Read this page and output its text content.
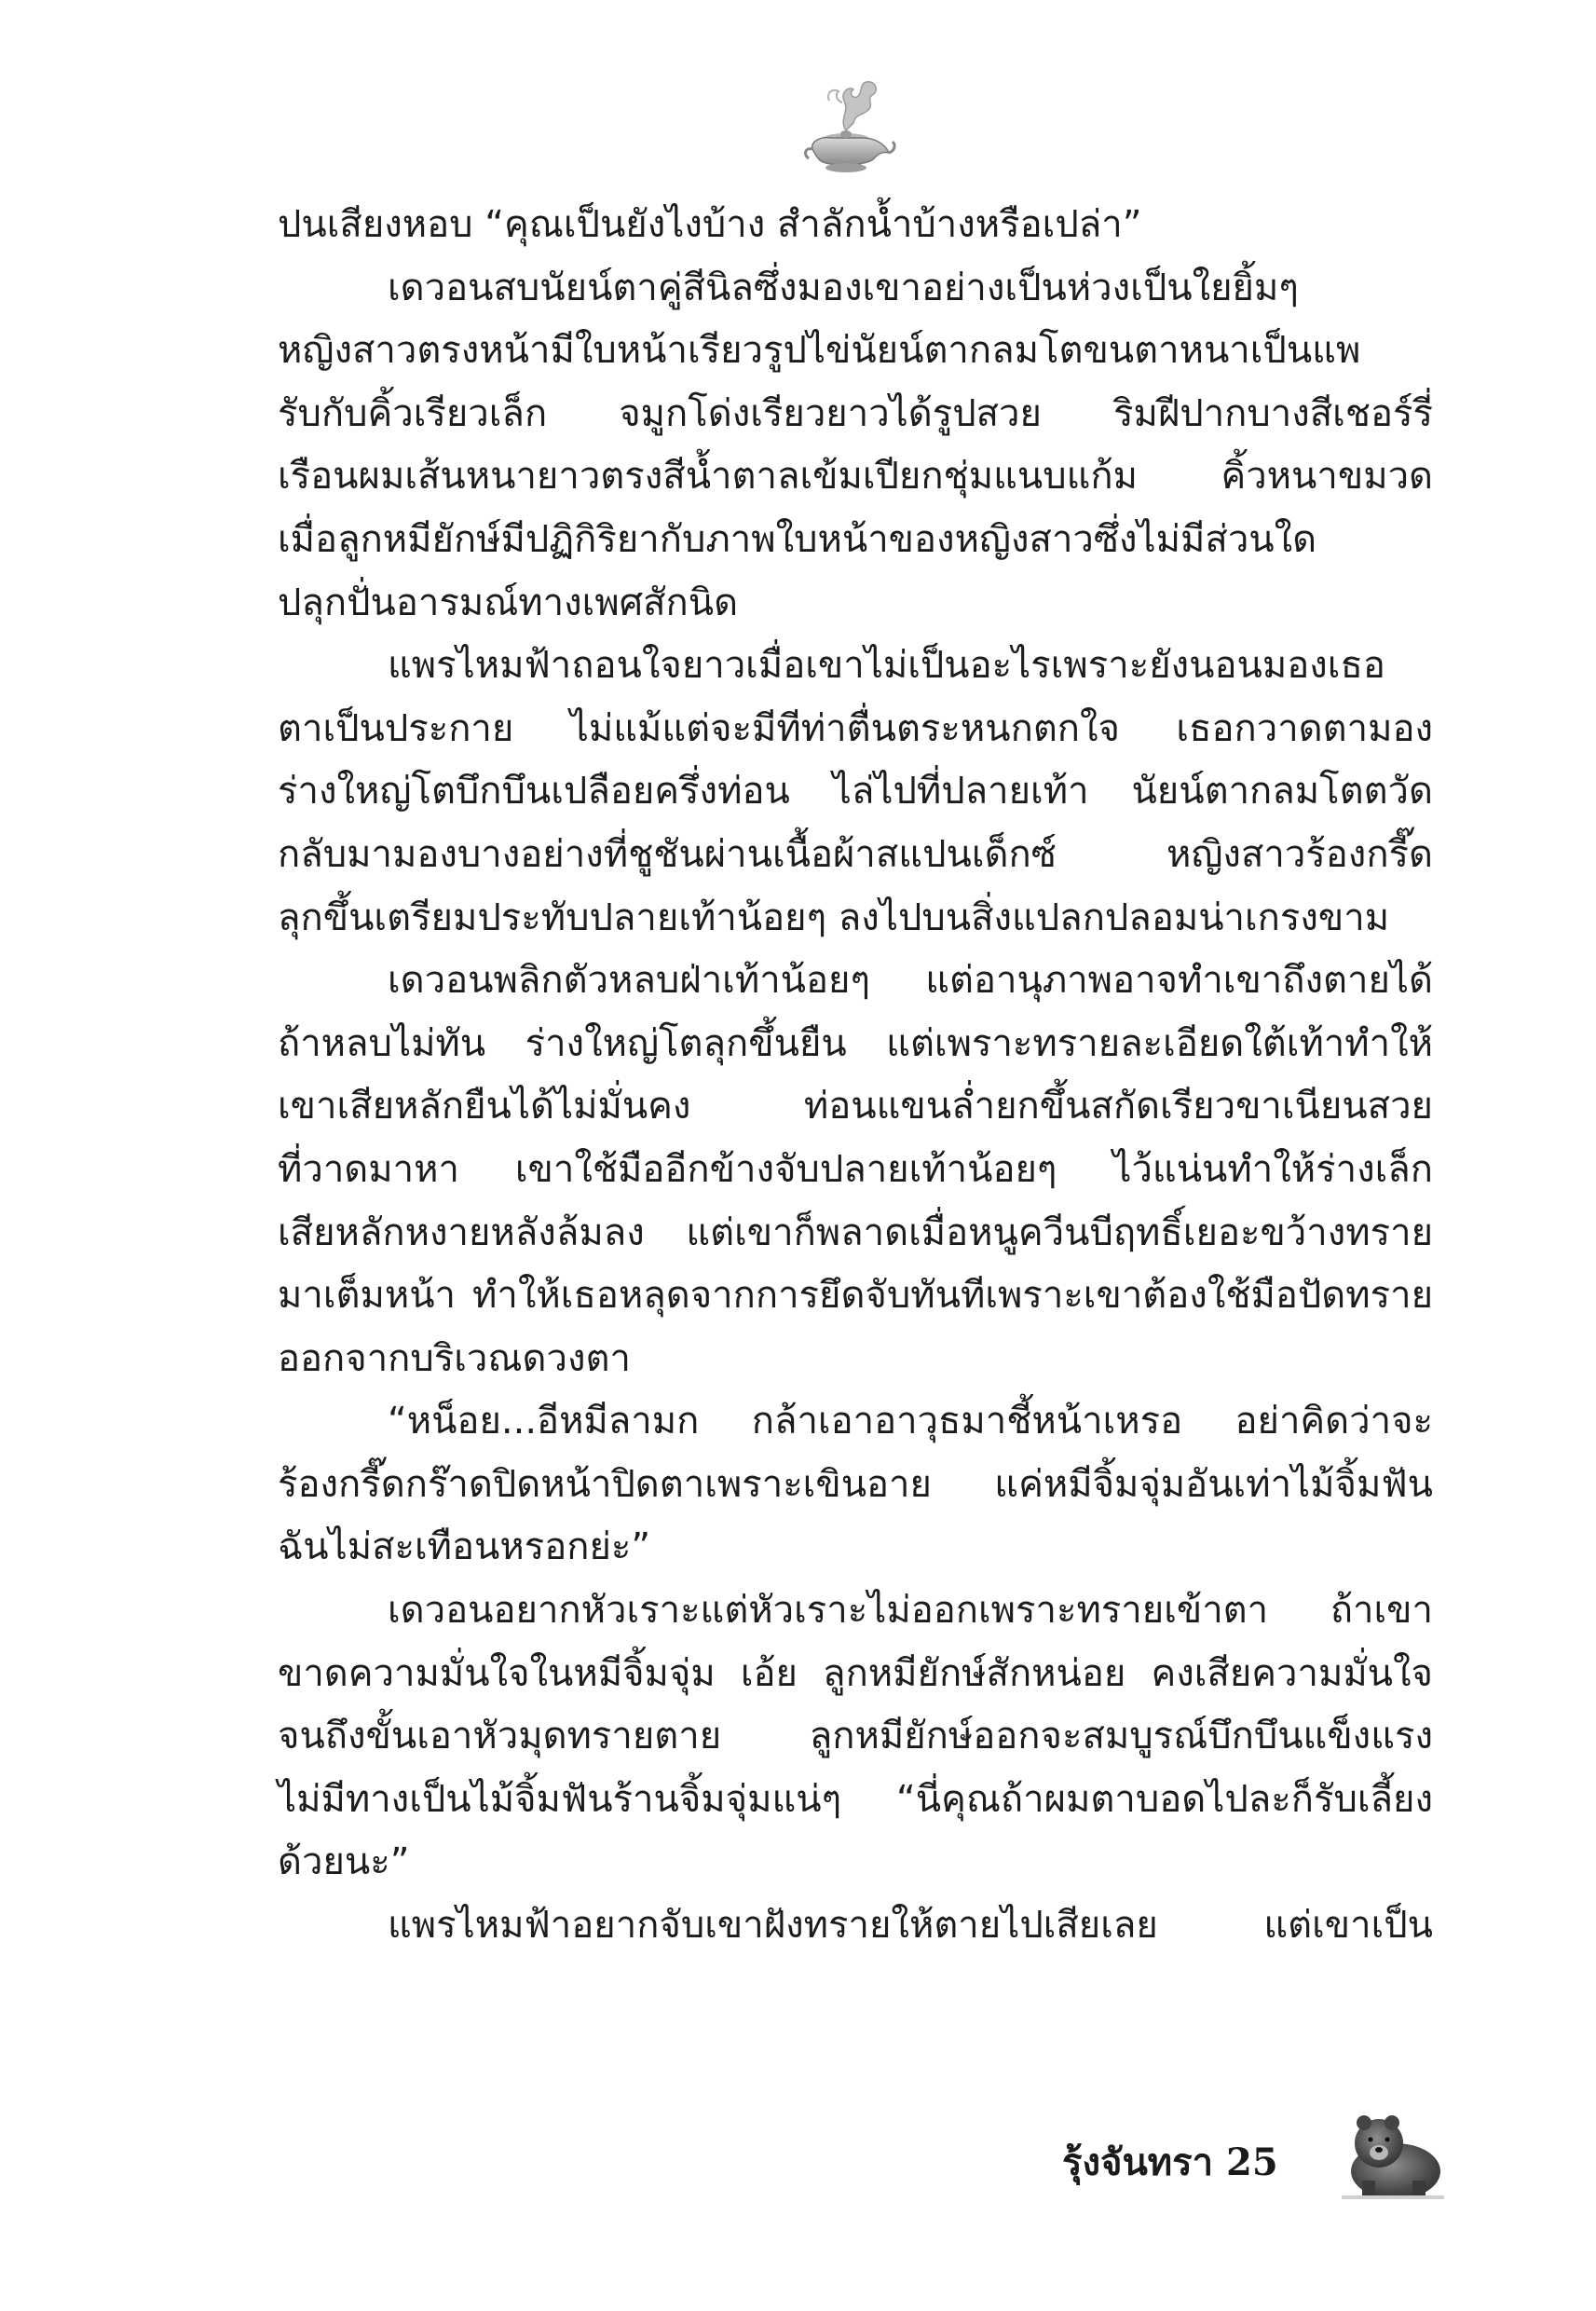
ปนเสียงหอบ “คุณเป็นยังไงบ้าง สำลักน้ำบ้างหรือเปล่า”
เดวอนสบนัยน์ตาคู่สีนิลซึ่งมองเขาอย่างเป็นห่วงเป็นใยยิ้มๆ
หญิงสาวตรงหน้ามีใบหน้าเรียวรูปไข่นัยน์ตากลมโตขนตาหนาเป็นแพ
รับกับคิ้วเรียวเล็ก จมูกโด่งเรียวยาวได้รูปสวย ริมฝีปากบางสีเชอร์รี่
เรือนผมเส้นหนายาวตรงสีน้ำตาลเข้มเปียกชุ่มแนบแก้ม คิ้วหนาขมวด
เมื่อลูกหมียักษ์มีปฏิกิริยากับภาพใบหน้าของหญิงสาวซึ่งไม่มีส่วนใด
ปลุกปั่นอารมณ์ทางเพศสักนิด
แพรไหมฟ้าถอนใจยาวเมื่อเขาไม่เป็นอะไรเพราะยังนอนมองเธอ
ตาเป็นประกาย ไม่แม้แต่จะมีทีท่าตื่นตระหนกตกใจ เธอกวาดตามอง
ร่างใหญ่โตบึกบึนเปลือยครึ่งท่อน ไล่ไปที่ปลายเท้า นัยน์ตากลมโตตวัด
กลับมามองบางอย่างที่ชูชันผ่านเนื้อผ้าสแปนเด็กซ์ หญิงสาวร้องกรี๊ด
ลุกขึ้นเตรียมประทับปลายเท้าน้อยๆ ลงไปบนสิ่งแปลกปลอมน่าเกรงขาม
เดวอนพลิกตัวหลบฝ่าเท้าน้อยๆ แต่อานุภาพอาจทำเขาถึงตายได้
ถ้าหลบไม่ทัน ร่างใหญ่โตลุกขึ้นยืน แต่เพราะทรายละเอียดใต้เท้าทำให้
เขาเสียหลักยืนได้ไม่มั่นคง ท่อนแขนล่ำยกขึ้นสกัดเรียวขาเนียนสวย
ที่วาดมาหา เขาใช้มืออีกข้างจับปลายเท้าน้อยๆ ไว้แน่นทำให้ร่างเล็ก
เสียหลักหงายหลังล้มลง แต่เขาก็พลาดเมื่อหนูควีนบีฤทธิ์เยอะขว้างทราย
มาเต็มหน้า ทำให้เธอหลุดจากการยึดจับทันทีเพราะเขาต้องใช้มือปัดทราย
ออกจากบริเวณดวงตา
“หน็อย...อีหมีลามก กล้าเอาอาวุธมาชี้หน้าเหรอ อย่าคิดว่าจะ
ร้องกรี๊ดกร๊าดปิดหน้าปิดตาเพราะเขินอาย แค่หมีจิ้มจุ่มอันเท่าไม้จิ้มฟัน
ฉันไม่สะเทือนหรอกย่ะ”
เดวอนอยากหัวเราะแต่หัวเราะไม่ออกเพราะทรายเข้าตา ถ้าเขา
ขาดความมั่นใจในหมีจิ้มจุ่ม เอ้ย ลูกหมียักษ์สักหน่อย คงเสียความมั่นใจ
จนถึงขั้นเอาหัวมุดทรายตาย ลูกหมียักษ์ออกจะสมบูรณ์บึกบึนแข็งแรง
ไม่มีทางเป็นไม้จิ้มฟันร้านจิ้มจุ่มแน่ๆ “นี่คุณถ้าผมตาบอดไปละก็รับเลี้ยง
ด้วยนะ”
แพรไหมฟ้าอยากจับเขาฝังทรายให้ตายไปเสียเลย แต่เขาเป็น
รุ้งจันทรา 25
